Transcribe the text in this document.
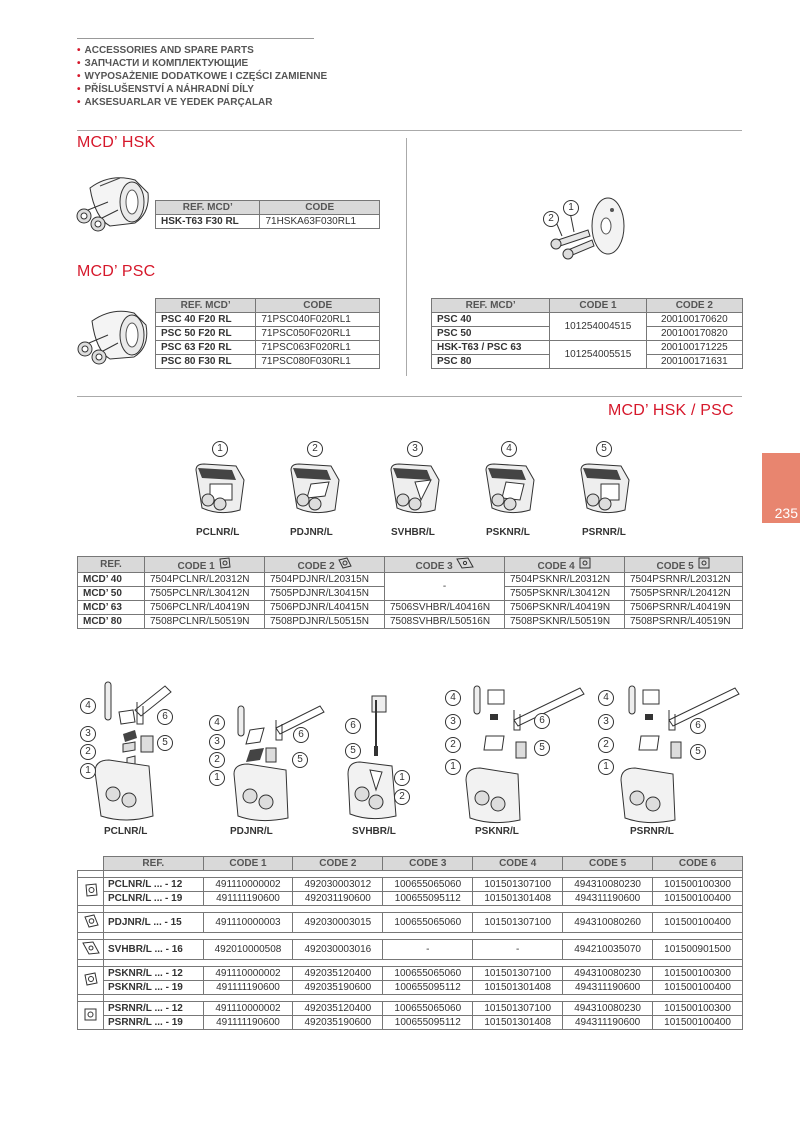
• ACCESSORIES AND SPARE PARTS
• ЗАПЧАСТИ И КОМПЛЕКТУЮЩИЕ
• WYPOSAŻENIE DODATKOWE I CZĘŚCI ZAMIENNE
• PŘÍSLUŠENSTVÍ A NÁHRADNÍ DÍLY
• AKSESUARLAR VE YEDEK PARÇALAR
MCD’ HSK
REF. MCD’	CODE
HSK-T63 F30 RL	71HSKA63F030RL1
MCD’ PSC
REF. MCD’	CODE
PSC 40 F20 RL	71PSC040F020RL1
PSC 50 F20 RL	71PSC050F020RL1
PSC 63 F20 RL	71PSC063F020RL1
PSC 80 F30 RL	71PSC080F030RL1
2
1
REF. MCD’	CODE 1	CODE 2
PSC 40	101254004515	200100170620
PSC 50		200100170820
HSK-T63 / PSC 63	101254005515	200100171225
PSC 80		200100171631
MCD’ HSK / PSC
235
1	2	3	4	5
PCLNR/L	PDJNR/L	SVHBR/L	PSKNR/L	PSRNR/L
REF.	CODE 1	CODE 2	CODE 3	CODE 4	CODE 5
MCD’ 40	7504PCLNR/L20312N	7504PDJNR/L20315N	-	7504PSKNR/L20312N	7504PSRNR/L20312N
MCD’ 50	7505PCLNR/L30412N	7505PDJNR/L30415N		7505PSKNR/L30412N	7505PSRNR/L20412N
MCD’ 63	7506PCLNR/L40419N	7506PDJNR/L40415N	7506SVHBR/L40416N	7506PSKNR/L40419N	7506PSRNR/L40419N
MCD’ 80	7508PCLNR/L50519N	7508PDJNR/L50515N	7508SVHBR/L50516N	7508PSKNR/L50519N	7508PSRNR/L40519N
4
6
3
5
2
1
4
3
6
2	5
1
6
5
1
2
4
3	6
2	5
1
4
3	6
2
5
1
PCLNR/L	PDJNR/L	SVHBR/L	PSKNR/L	PSRNR/L
	REF.	CODE 1	CODE 2	CODE 3	CODE 4	CODE 5	CODE 6

	PCLNR/L ... - 12	491110000002	492030003012	100655065060	101501307100	494310080230	101500100300
	PCLNR/L ... - 19	491111190600	492031190600	100655095112	101501301408	494311190600	101500100400

	PDJNR/L ... - 15	491110000003	492030003015	100655065060	101501307100	494310080260	101500100400

	SVHBR/L ... - 16	492010000508	492030003016	-	-	494210035070	101500901500

	PSKNR/L ... - 12	491110000002	492035120400	100655065060	101501307100	494310080230	101500100300
	PSKNR/L ... - 19	491111190600	492035190600	100655095112	101501301408	494311190600	101500100400

	PSRNR/L ... - 12	491110000002	492035120400	100655065060	101501307100	494310080230	101500100300
	PSRNR/L ... - 19	491111190600	492035190600	100655095112	101501301408	494311190600	101500100400
